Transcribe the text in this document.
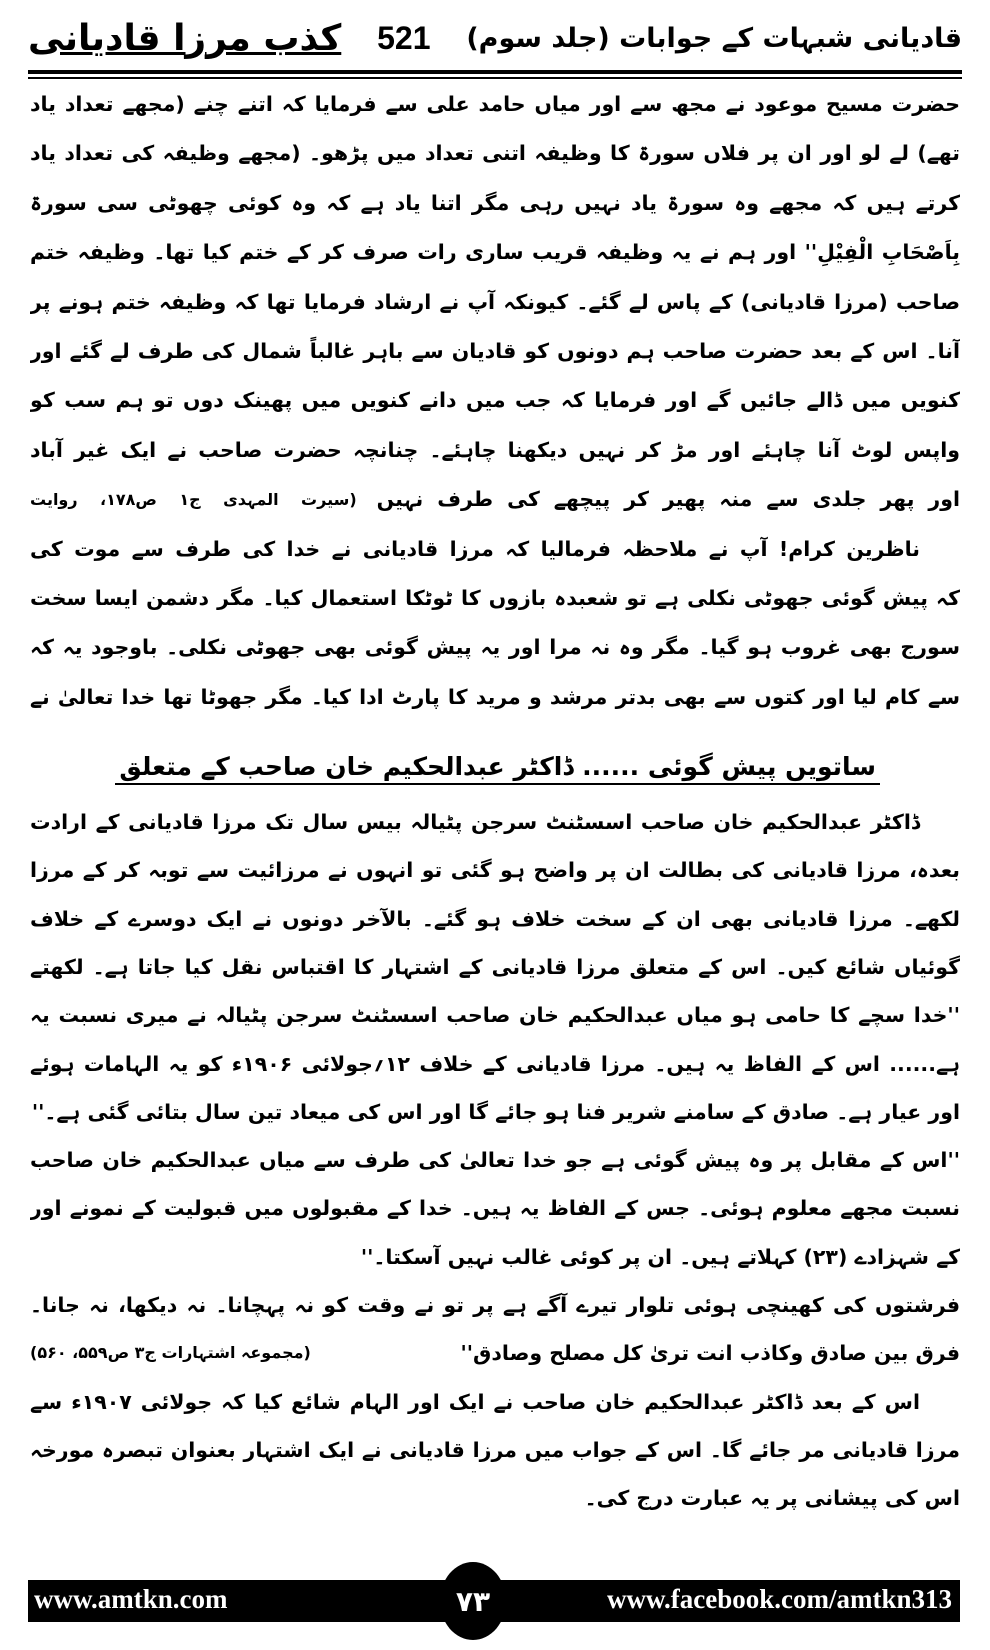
قادیانی شبہات کے جوابات (جلد سوم)
521
کذب مرزا قادیانی
حضرت مسیح موعود نے مجھ سے اور میاں حامد علی سے فرمایا کہ اتنے چنے (مجھے تعداد یاد
تھے) لے لو اور ان پر فلاں سورۃ کا وظیفہ اتنی تعداد میں پڑھو۔ (مجھے وظیفہ کی تعداد یاد
کرتے ہیں کہ مجھے وہ سورۃ یاد نہیں رہی مگر اتنا یاد ہے کہ وہ کوئی چھوٹی سی سورۃ
بِاَصْحَابِ الْفِیْلِ'' اور ہم نے یہ وظیفہ قریب ساری رات صرف کر کے ختم کیا تھا۔ وظیفہ ختم
صاحب (مرزا قادیانی) کے پاس لے گئے۔ کیونکہ آپ نے ارشاد فرمایا تھا کہ وظیفہ ختم ہونے پر
آنا۔ اس کے بعد حضرت صاحب ہم دونوں کو قادیان سے باہر غالباً شمال کی طرف لے گئے اور
کنویں میں ڈالے جائیں گے اور فرمایا کہ جب میں دانے کنویں میں پھینک دوں تو ہم سب کو
واپس لوٹ آنا چاہئے اور مڑ کر نہیں دیکھنا چاہئے۔ چنانچہ حضرت صاحب نے ایک غیر آباد
اور پھر جلدی سے منہ پھیر کر پیچھے کی طرف نہیں
(سیرت المہدی ج۱ ص۱۷۸، روایت
ناظرین کرام! آپ نے ملاحظہ فرمالیا کہ مرزا قادیانی نے خدا کی طرف سے موت کی
کہ پیش گوئی جھوٹی نکلی ہے تو شعبدہ بازوں کا ٹوٹکا استعمال کیا۔ مگر دشمن ایسا سخت
سورج بھی غروب ہو گیا۔ مگر وہ نہ مرا اور یہ پیش گوئی بھی جھوٹی نکلی۔ باوجود یہ کہ
سے کام لیا اور کتوں سے بھی بدتر مرشد و مرید کا پارٹ ادا کیا۔ مگر جھوٹا تھا خدا تعالیٰ نے
ساتویں پیش گوئی ...... ڈاکٹر عبدالحکیم خان صاحب کے متعلق
ڈاکٹر عبدالحکیم خان صاحب اسسٹنٹ سرجن پٹیالہ بیس سال تک مرزا قادیانی کے ارادت
بعدہ، مرزا قادیانی کی بطالت ان پر واضح ہو گئی تو انہوں نے مرزائیت سے توبہ کر کے مرزا
لکھے۔ مرزا قادیانی بھی ان کے سخت خلاف ہو گئے۔ بالآخر دونوں نے ایک دوسرے کے خلاف
گوئیاں شائع کیں۔ اس کے متعلق مرزا قادیانی کے اشتہار کا اقتباس نقل کیا جاتا ہے۔ لکھتے
''خدا سچے کا حامی ہو میاں عبدالحکیم خان صاحب اسسٹنٹ سرجن پٹیالہ نے میری نسبت یہ
ہے...... اس کے الفاظ یہ ہیں۔ مرزا قادیانی کے خلاف ۱۲؍جولائی ۱۹۰۶ء کو یہ الہامات ہوئے
اور عیار ہے۔ صادق کے سامنے شریر فنا ہو جائے گا اور اس کی میعاد تین سال بتائی گئی ہے۔''
''اس کے مقابل پر وہ پیش گوئی ہے جو خدا تعالیٰ کی طرف سے میاں عبدالحکیم خان صاحب
نسبت مجھے معلوم ہوئی۔ جس کے الفاظ یہ ہیں۔ خدا کے مقبولوں میں قبولیت کے نمونے اور
کے شہزادے (۲۳) کہلاتے ہیں۔ ان پر کوئی غالب نہیں آسکتا۔''
فرشتوں کی کھینچی ہوئی تلوار تیرے آگے ہے پر تو نے وقت کو نہ پہچانا۔ نہ دیکھا، نہ جانا۔
فرق بین صادق وکاذب انت تریٰ کل مصلح وصادق''
(مجموعہ اشتہارات ج۳ ص۵۵۹، ۵۶۰)
اس کے بعد ڈاکٹر عبدالحکیم خان صاحب نے ایک اور الہام شائع کیا کہ جولائی ۱۹۰۷ء سے
مرزا قادیانی مر جائے گا۔ اس کے جواب میں مرزا قادیانی نے ایک اشتہار بعنوان تبصرہ مورخہ
اس کی پیشانی پر یہ عبارت درج کی۔
www.amtkn.com	۷۳	www.facebook.com/amtkn313
